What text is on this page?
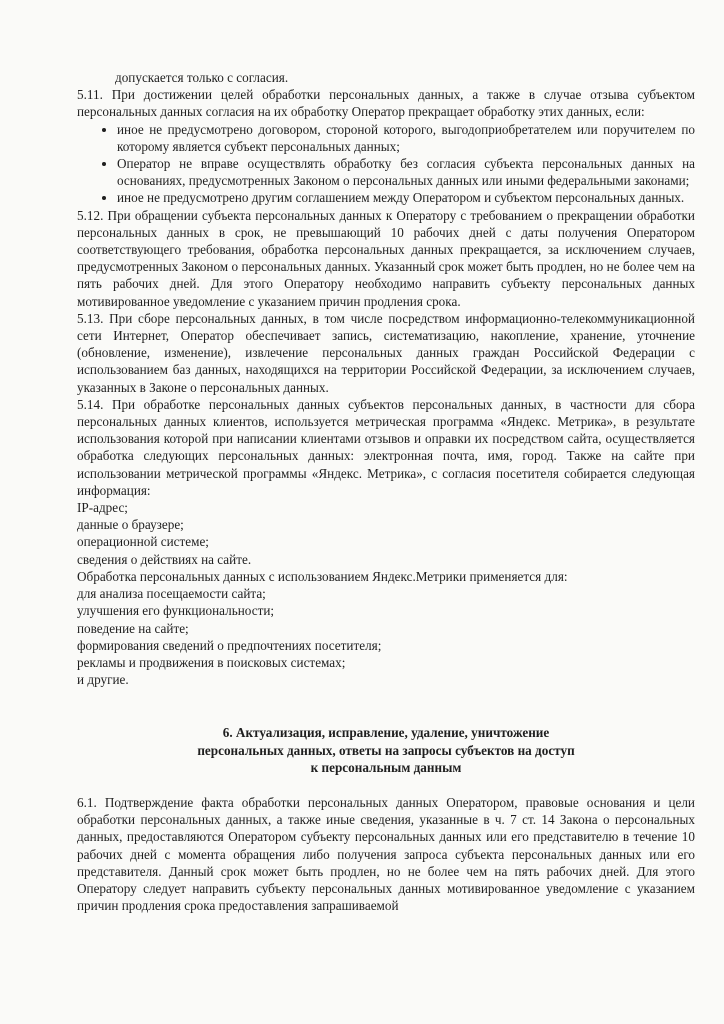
допускается только с согласия.

5.11. При достижении целей обработки персональных данных, а также в случае отзыва субъектом персональных данных согласия на их обработку Оператор прекращает обработку этих данных, если:

• иное не предусмотрено договором, стороной которого, выгодоприобретателем или поручителем по которому является субъект персональных данных;
• Оператор не вправе осуществлять обработку без согласия субъекта персональных данных на основаниях, предусмотренных Законом о персональных данных или иными федеральными законами;
• иное не предусмотрено другим соглашением между Оператором и субъектом персональных данных.

5.12. При обращении субъекта персональных данных к Оператору с требованием о прекращении обработки персональных данных в срок, не превышающий 10 рабочих дней с даты получения Оператором соответствующего требования, обработка персональных данных прекращается, за исключением случаев, предусмотренных Законом о персональных данных. Указанный срок может быть продлен, но не более чем на пять рабочих дней. Для этого Оператору необходимо направить субъекту персональных данных мотивированное уведомление с указанием причин продления срока.

5.13. При сборе персональных данных, в том числе посредством информационно-телекоммуникационной сети Интернет, Оператор обеспечивает запись, систематизацию, накопление, хранение, уточнение (обновление, изменение), извлечение персональных данных граждан Российской Федерации с использованием баз данных, находящихся на территории Российской Федерации, за исключением случаев, указанных в Законе о персональных данных.

5.14. При обработке персональных данных субъектов персональных данных, в частности для сбора персональных данных клиентов, используется метрическая программа «Яндекс. Метрика», в результате использования которой при написании клиентами отзывов и оправки их посредством сайта, осуществляется обработка следующих персональных данных: электронная почта, имя, город. Также на сайте при использовании метрической программы «Яндекс. Метрика», с согласия посетителя собирается следующая информация:

IP-адрес;

данные о браузере;

операционной системе;

сведения о действиях на сайте.

Обработка персональных данных с использованием Яндекс.Метрики применяется для:

для анализа посещаемости сайта;

улучшения его функциональности;

поведение на сайте;

формирования сведений о предпочтениях посетителя;

рекламы и продвижения в поисковых системах;

и другие.

6. Актуализация, исправление, удаление, уничтожение
персональных данных, ответы на запросы субъектов на доступ
к персональным данным

6.1. Подтверждение факта обработки персональных данных Оператором, правовые основания и цели обработки персональных данных, а также иные сведения, указанные в ч. 7 ст. 14 Закона о персональных данных, предоставляются Оператором субъекту персональных данных или его представителю в течение 10 рабочих дней с момента обращения либо получения запроса субъекта персональных данных или его представителя. Данный срок может быть продлен, но не более чем на пять рабочих дней. Для этого Оператору следует направить субъекту персональных данных мотивированное уведомление с указанием причин продления срока предоставления запрашиваемой
